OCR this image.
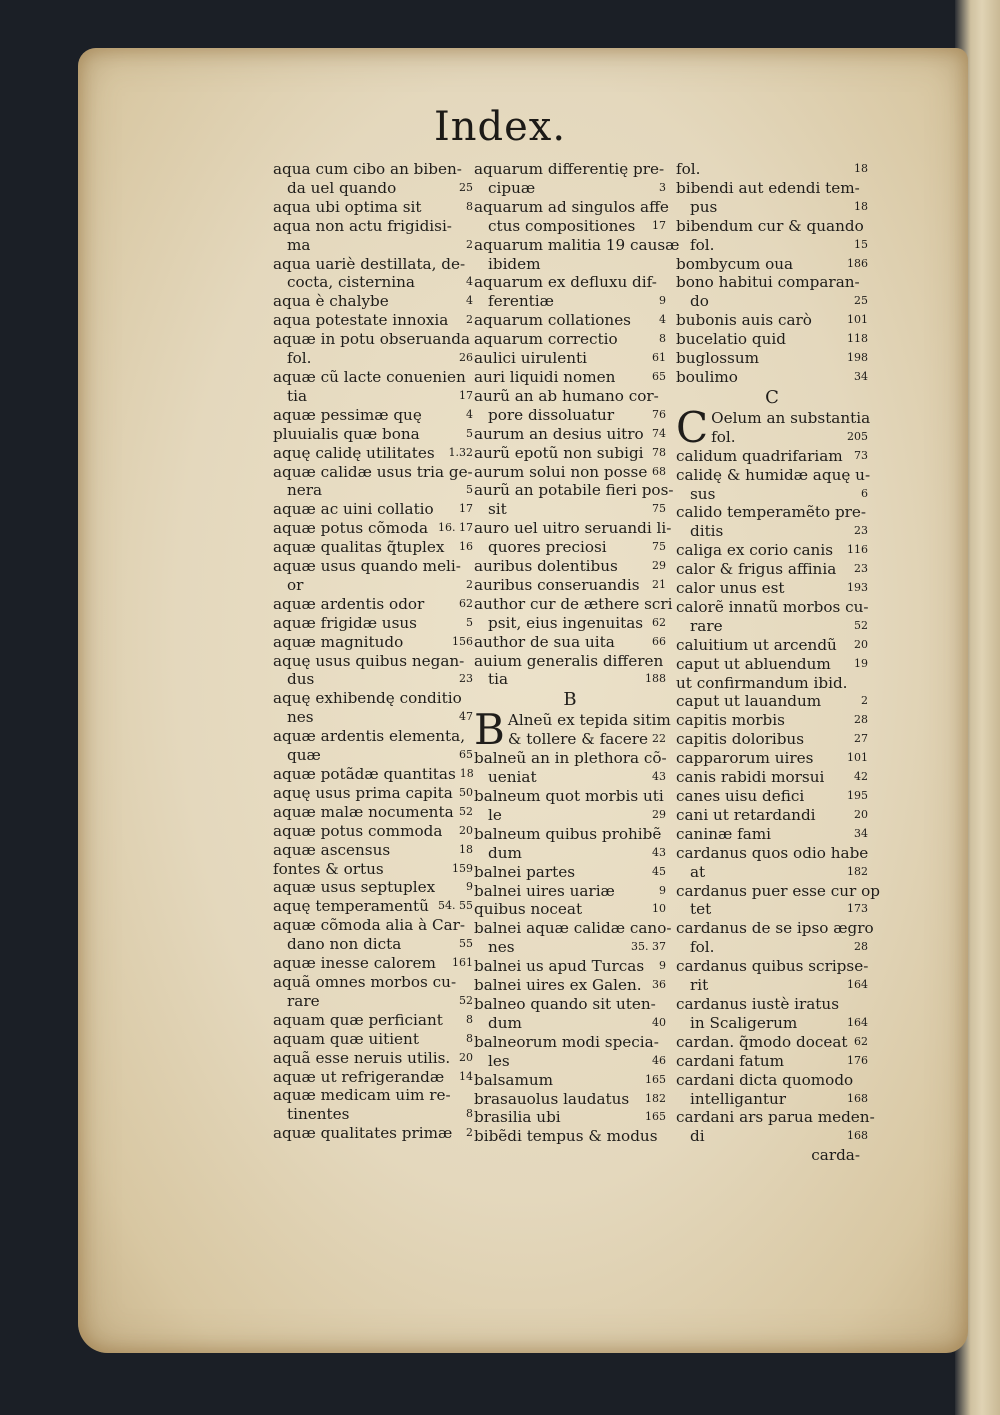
Index.
aqua cum cibo an biben-
da uel quando	25
aqua ubi optima sit	8
aqua non actu frigidisi-
ma	2
aqua uariè destillata, de-
cocta, cisternina	4
aqua è chalybe	4
aqua potestate innoxia	2
aquæ in potu obseruanda
fol.	26
aquæ cũ lacte conuenien
tia	17
aquæ pessimæ quę	4
pluuialis quæ bona	5
aquę calidę utilitates	1.32
aquæ calidæ usus tria ge-
nera	5
aquæ ac uini collatio	17
aquæ potus cõmoda 16. 17
aquæ qualitas q̃tuplex	16
aquæ usus quando meli-
or	2
aquæ ardentis odor	62
aquæ frigidæ usus	5
aquæ magnitudo	156
aquę usus quibus negan-
dus	23
aquę exhibendę conditio
nes	47
aquæ ardentis elementa,
quæ	65
aquæ potãdæ quantitas 18
aquę usus prima capita 50
aquæ malæ nocumenta 52
aquæ potus commoda	20
aquæ ascensus	18
fontes & ortus	159
aquæ usus septuplex	9
aquę temperamentũ 54. 55
aquæ cõmoda alia à Car-
dano non dicta	55
aquæ inesse calorem	161
aquã omnes morbos cu-
rare	52
aquam quæ perficiant	8
aquam quæ uitient	8
aquã esse neruis utilis. 20
aquæ ut refrigerandæ	14
aquæ medicam uim re-
tinentes	8
aquæ qualitates primæ	2
aquarum differentię pre-
cipuæ	3
aquarum ad singulos affe
ctus compositiones	17
aquarum malitia 19 causæ
ibidem
aquarum ex defluxu dif-
ferentiæ	9
aquarum collationes	4
aquarum correctio	8
aulici uirulenti	61
auri liquidi nomen	65
aurũ an ab humano cor-
pore dissoluatur	76
aurum an desius uitro 74
aurũ epotũ non subigi 78
aurum solui non posse 68
aurũ an potabile fieri pos-
sit	75
auro uel uitro seruandi li-
quores preciosi	75
auribus dolentibus	29
auribus conseruandis	21
author cur de æthere scri
psit, eius ingenuitas 62
author de sua uita	66
auium generalis differen
tia	188
B
B Alneũ ex tepida sitim
& tollere & facere 22
balneũ an in plethora cõ-
ueniat	43
balneum quot morbis uti
le	29
balneum quibus prohibẽ
dum	43
balnei partes	45
balnei uires uariæ	9
quibus noceat	10
balnei aquæ calidæ cano-
nes	35. 37
balnei us apud Turcas	9
balnei uires ex Galen. 36
balneo quando sit uten-
dum	40
balneorum modi specia-
les	46
balsamum	165
brasauolus laudatus	182
brasilia ubi	165
bibẽdi tempus & modus
fol.	18
bibendi aut edendi tem-
pus	18
bibendum cur & quando
fol.	15
bombycum oua	186
bono habitui comparan-
do	25
bubonis auis carò	101
bucelatio quid	118
buglossum	198
boulimo	34
C
C Oelum an substantia
fol.	205
calidum quadrifariam	73
calidę & humidæ aquę u-
sus	6
calido temperamẽto pre-
ditis	23
caliga ex corio canis	116
calor & frigus affinia	23
calor unus est	193
calorẽ innatũ morbos cu-
rare	52
caluitium ut arcendũ	20
caput ut abluendum	19
ut confirmandum ibid.
caput ut lauandum	2
capitis morbis	28
capitis doloribus	27
capparorum uires	101
canis rabidi morsui	42
canes uisu defici	195
cani ut retardandi	20
caninæ fami	34
cardanus quos odio habe
at	182
cardanus puer esse cur op
tet	173
cardanus de se ipso ægro
fol.	28
cardanus quibus scripse-
rit	164
cardanus iustè iratus
in Scaligerum	164
cardan. q̃modo doceat 62
cardani fatum	176
cardani dicta quomodo
intelligantur	168
cardani ars parua meden-
di	168
carda-
